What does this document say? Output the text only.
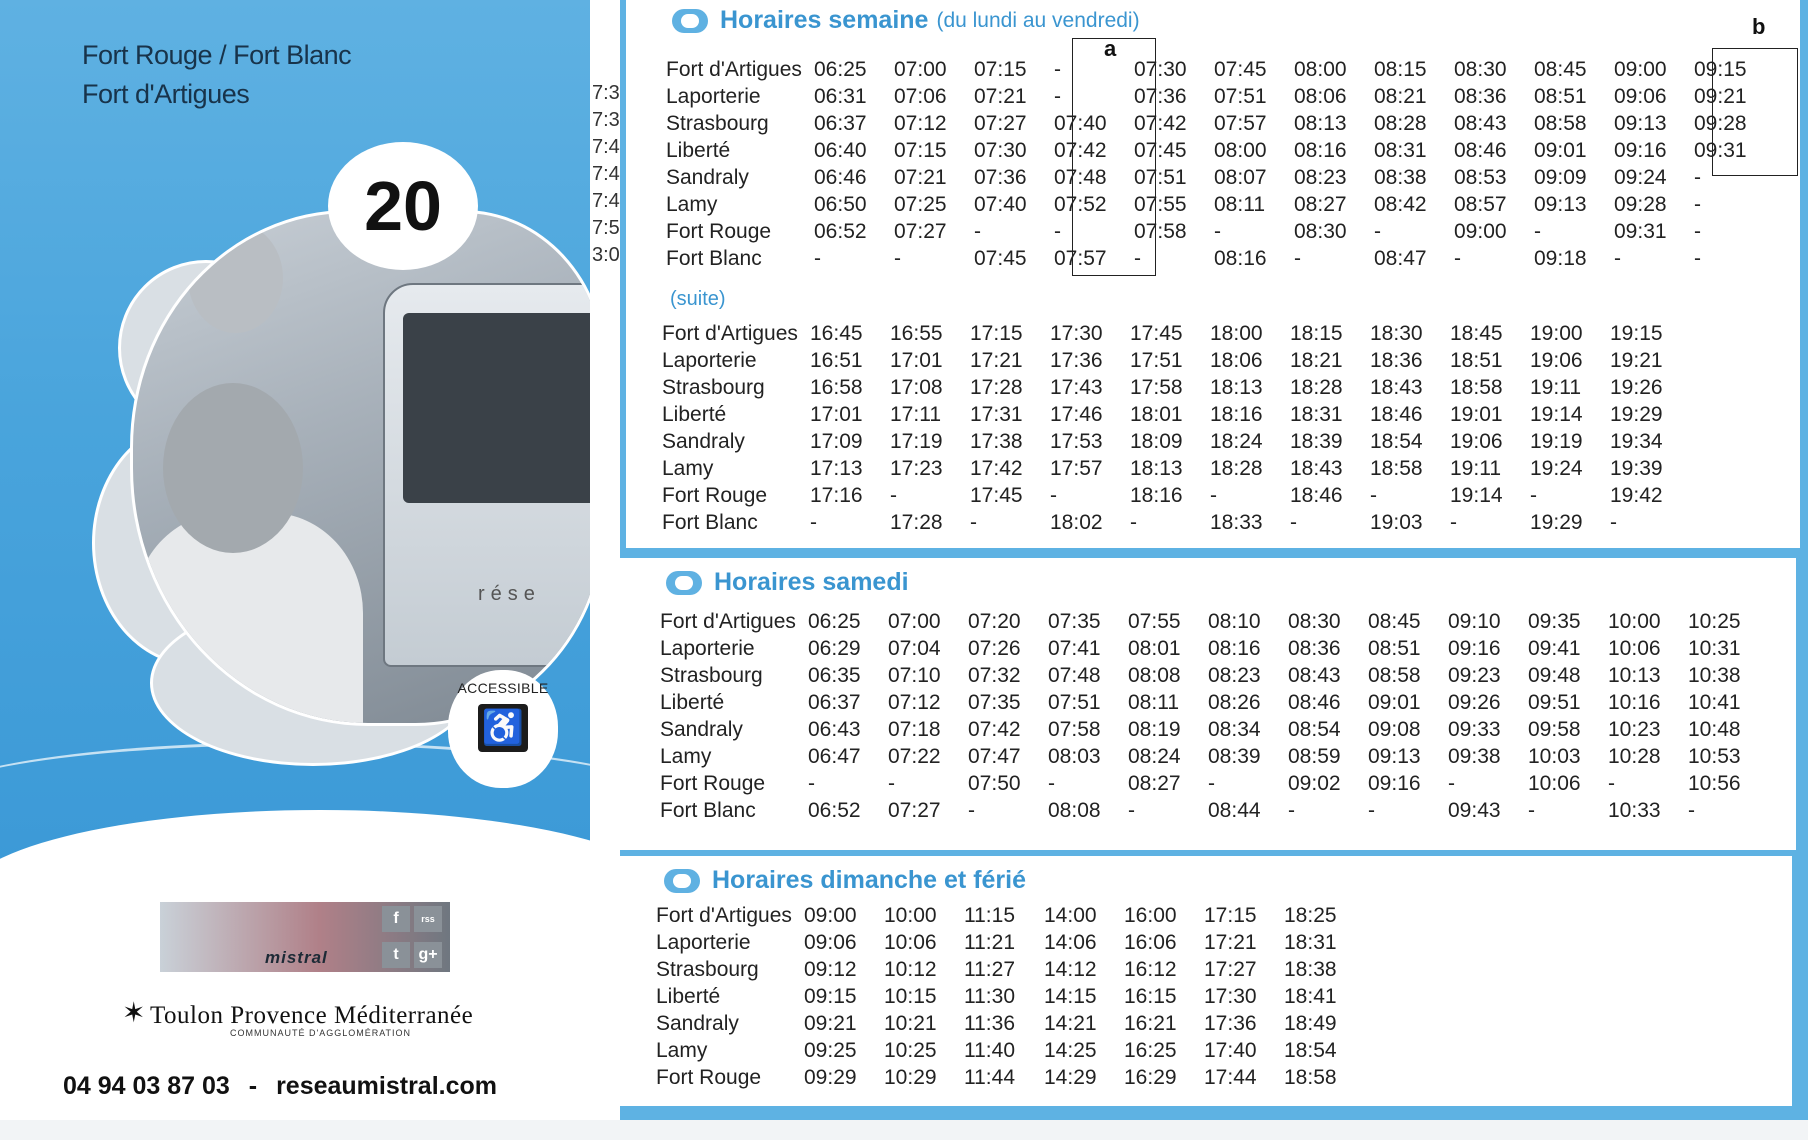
Fort Rouge / Fort Blanc
Fort d'Artigues
rése
20
ACCESSIBLE
♿
mistral
f	rss
t	g+
✶ Toulon Provence Méditerranée
COMMUNAUTÉ D'AGGLOMÉRATION
04 94 03 87 03 - reseaumistral.com
7:3
7:3
7:4
7:4
7:4
7:5
3:0
Horaires semaine (du lundi au vendredi)
a
b
Fort d'Artigues	06:25	07:00	07:15	-	07:30	07:45	08:00	08:15	08:30	08:45	09:00	09:15
Laporterie	06:31	07:06	07:21	-	07:36	07:51	08:06	08:21	08:36	08:51	09:06	09:21
Strasbourg	06:37	07:12	07:27	07:40	07:42	07:57	08:13	08:28	08:43	08:58	09:13	09:28
Liberté	06:40	07:15	07:30	07:42	07:45	08:00	08:16	08:31	08:46	09:01	09:16	09:31
Sandraly	06:46	07:21	07:36	07:48	07:51	08:07	08:23	08:38	08:53	09:09	09:24	-
Lamy	06:50	07:25	07:40	07:52	07:55	08:11	08:27	08:42	08:57	09:13	09:28	-
Fort Rouge	06:52	07:27	-	-	07:58	-	08:30	-	09:00	-	09:31	-
Fort Blanc	-	-	07:45	07:57	-	08:16	-	08:47	-	09:18	-	-
(suite)
Fort d'Artigues	16:45	16:55	17:15	17:30	17:45	18:00	18:15	18:30	18:45	19:00	19:15
Laporterie	16:51	17:01	17:21	17:36	17:51	18:06	18:21	18:36	18:51	19:06	19:21
Strasbourg	16:58	17:08	17:28	17:43	17:58	18:13	18:28	18:43	18:58	19:11	19:26
Liberté	17:01	17:11	17:31	17:46	18:01	18:16	18:31	18:46	19:01	19:14	19:29
Sandraly	17:09	17:19	17:38	17:53	18:09	18:24	18:39	18:54	19:06	19:19	19:34
Lamy	17:13	17:23	17:42	17:57	18:13	18:28	18:43	18:58	19:11	19:24	19:39
Fort Rouge	17:16	-	17:45	-	18:16	-	18:46	-	19:14	-	19:42
Fort Blanc	-	17:28	-	18:02	-	18:33	-	19:03	-	19:29	-
Horaires samedi
Fort d'Artigues	06:25	07:00	07:20	07:35	07:55	08:10	08:30	08:45	09:10	09:35	10:00	10:25
Laporterie	06:29	07:04	07:26	07:41	08:01	08:16	08:36	08:51	09:16	09:41	10:06	10:31
Strasbourg	06:35	07:10	07:32	07:48	08:08	08:23	08:43	08:58	09:23	09:48	10:13	10:38
Liberté	06:37	07:12	07:35	07:51	08:11	08:26	08:46	09:01	09:26	09:51	10:16	10:41
Sandraly	06:43	07:18	07:42	07:58	08:19	08:34	08:54	09:08	09:33	09:58	10:23	10:48
Lamy	06:47	07:22	07:47	08:03	08:24	08:39	08:59	09:13	09:38	10:03	10:28	10:53
Fort Rouge	-	-	07:50	-	08:27	-	09:02	09:16	-	10:06	-	10:56
Fort Blanc	06:52	07:27	-	08:08	-	08:44	-	-	09:43	-	10:33	-
Horaires dimanche et férié
Fort d'Artigues	09:00	10:00	11:15	14:00	16:00	17:15	18:25
Laporterie	09:06	10:06	11:21	14:06	16:06	17:21	18:31
Strasbourg	09:12	10:12	11:27	14:12	16:12	17:27	18:38
Liberté	09:15	10:15	11:30	14:15	16:15	17:30	18:41
Sandraly	09:21	10:21	11:36	14:21	16:21	17:36	18:49
Lamy	09:25	10:25	11:40	14:25	16:25	17:40	18:54
Fort Rouge	09:29	10:29	11:44	14:29	16:29	17:44	18:58
